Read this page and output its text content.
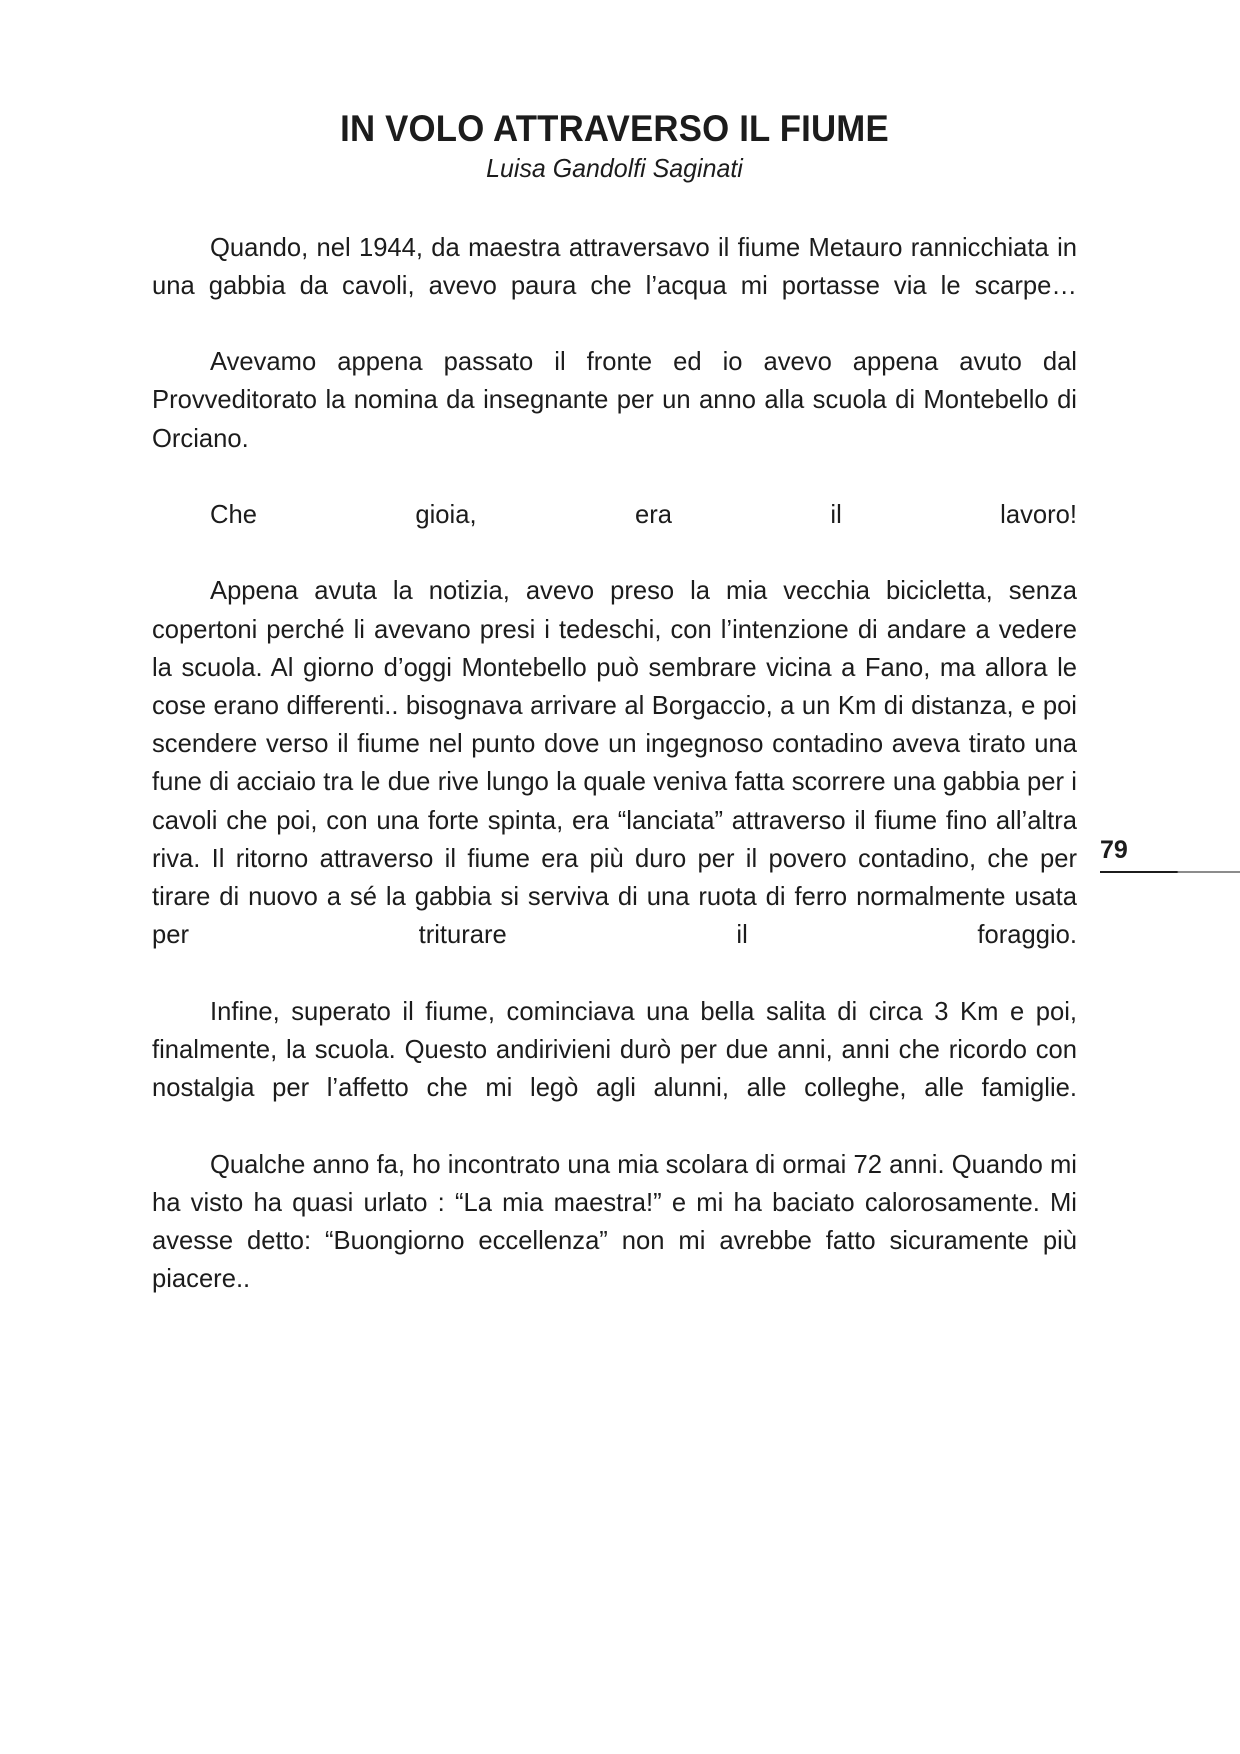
IN VOLO ATTRAVERSO IL FIUME
Luisa Gandolfi Saginati

Quando, nel 1944, da maestra attraversavo il fiume Metauro rannicchiata in una gabbia da cavoli, avevo paura che l’acqua mi portasse via le scarpe…

Avevamo appena passato il fronte ed io avevo appena avuto dal Provveditorato la nomina da insegnante per un anno alla scuola di Montebello di Orciano.

Che gioia, era il lavoro!

Appena avuta la notizia, avevo preso la mia vecchia bicicletta, senza copertoni perché li avevano presi i tedeschi, con l’intenzione di andare a vedere la scuola. Al giorno d’oggi Montebello può sembrare vicina a Fano, ma allora le cose erano differenti.. bisognava arrivare al Borgaccio, a un Km di distanza, e poi scendere verso il fiume nel punto dove un ingegnoso contadino aveva tirato una fune di acciaio tra le due rive lungo la quale veniva fatta scorrere una gabbia per i cavoli che poi, con una forte spinta, era “lanciata” attraverso il fiume fino all’altra riva. Il ritorno attraverso il fiume era più duro per il povero contadino, che per tirare di nuovo a sé la gabbia si serviva di una ruota di ferro normalmente usata per triturare il foraggio.

Infine, superato il fiume, cominciava una bella salita di circa 3 Km e poi, finalmente, la scuola. Questo andirivieni durò per due anni, anni che ricordo con nostalgia per l’affetto che mi legò agli alunni, alle colleghe, alle famiglie.

Qualche anno fa, ho incontrato una mia scolara di ormai 72 anni. Quando mi ha visto ha quasi urlato : “La mia maestra!” e mi ha baciato calorosamente. Mi avesse detto: “Buongiorno eccellenza” non mi avrebbe fatto sicuramente più piacere..

79
